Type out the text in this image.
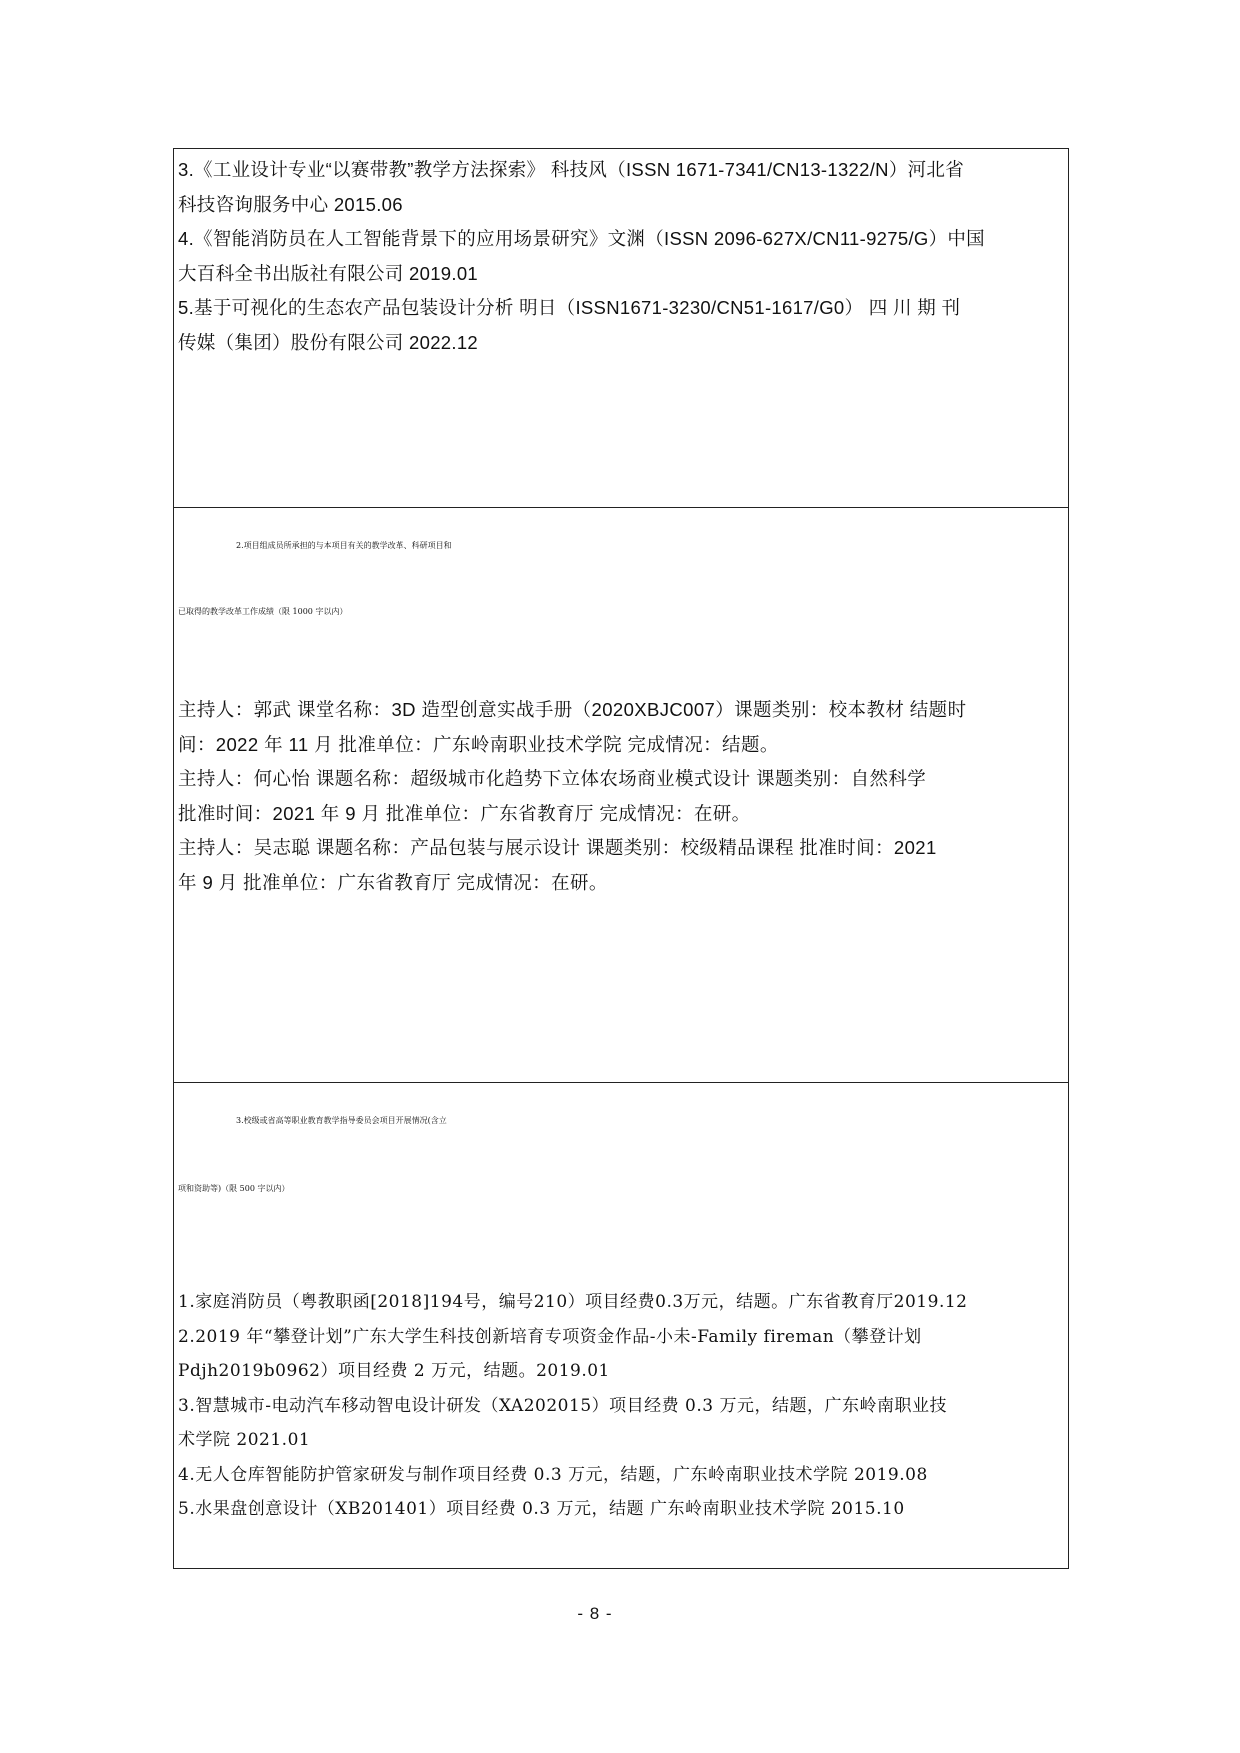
3.《工业设计专业“以赛带教”教学方法探索》 科技风（ISSN 1671-7341/CN13-1322/N）河北省
科技咨询服务中心 2015.06
4.《智能消防员在人工智能背景下的应用场景研究》文渊（ISSN 2096-627X/CN11-9275/G）中国
大百科全书出版社有限公司 2019.01
5.基于可视化的生态农产品包装设计分析 明日（ISSN1671-3230/CN51-1617/G0） 四 川 期 刊
传媒（集团）股份有限公司 2022.12
2.项目组成员所承担的与本项目有关的教学改革、科研项目和
已取得的教学改革工作成绩（限 1000 字以内）
主持人：郭武 课堂名称：3D 造型创意实战手册（2020XBJC007）课题类别：校本教材 结题时
间：2022 年 11 月 批准单位：广东岭南职业技术学院 完成情况：结题。
主持人：何心怡 课题名称：超级城市化趋势下立体农场商业模式设计 课题类别：自然科学
批准时间：2021 年 9 月 批准单位：广东省教育厅 完成情况：在研。
主持人：吴志聪 课题名称：产品包装与展示设计 课题类别：校级精品课程 批准时间：2021
年 9 月 批准单位：广东省教育厅 完成情况：在研。
3.校级或省高等职业教育教学指导委员会项目开展情况(含立
项和资助等)（限 500 字以内）
1.家庭消防员（粤教职函[2018]194号，编号210）项目经费0.3万元，结题。广东省教育厅2019.12
2.2019 年“攀登计划”广东大学生科技创新培育专项资金作品-小未-Family fireman（攀登计划
Pdjh2019b0962）项目经费 2 万元，结题。2019.01
3.智慧城市-电动汽车移动智电设计研发（XA202015）项目经费 0.3 万元，结题，广东岭南职业技
术学院 2021.01
4.无人仓库智能防护管家研发与制作项目经费 0.3 万元，结题，广东岭南职业技术学院 2019.08
5.水果盘创意设计（XB201401）项目经费 0.3 万元，结题 广东岭南职业技术学院 2015.10
- 8 -
